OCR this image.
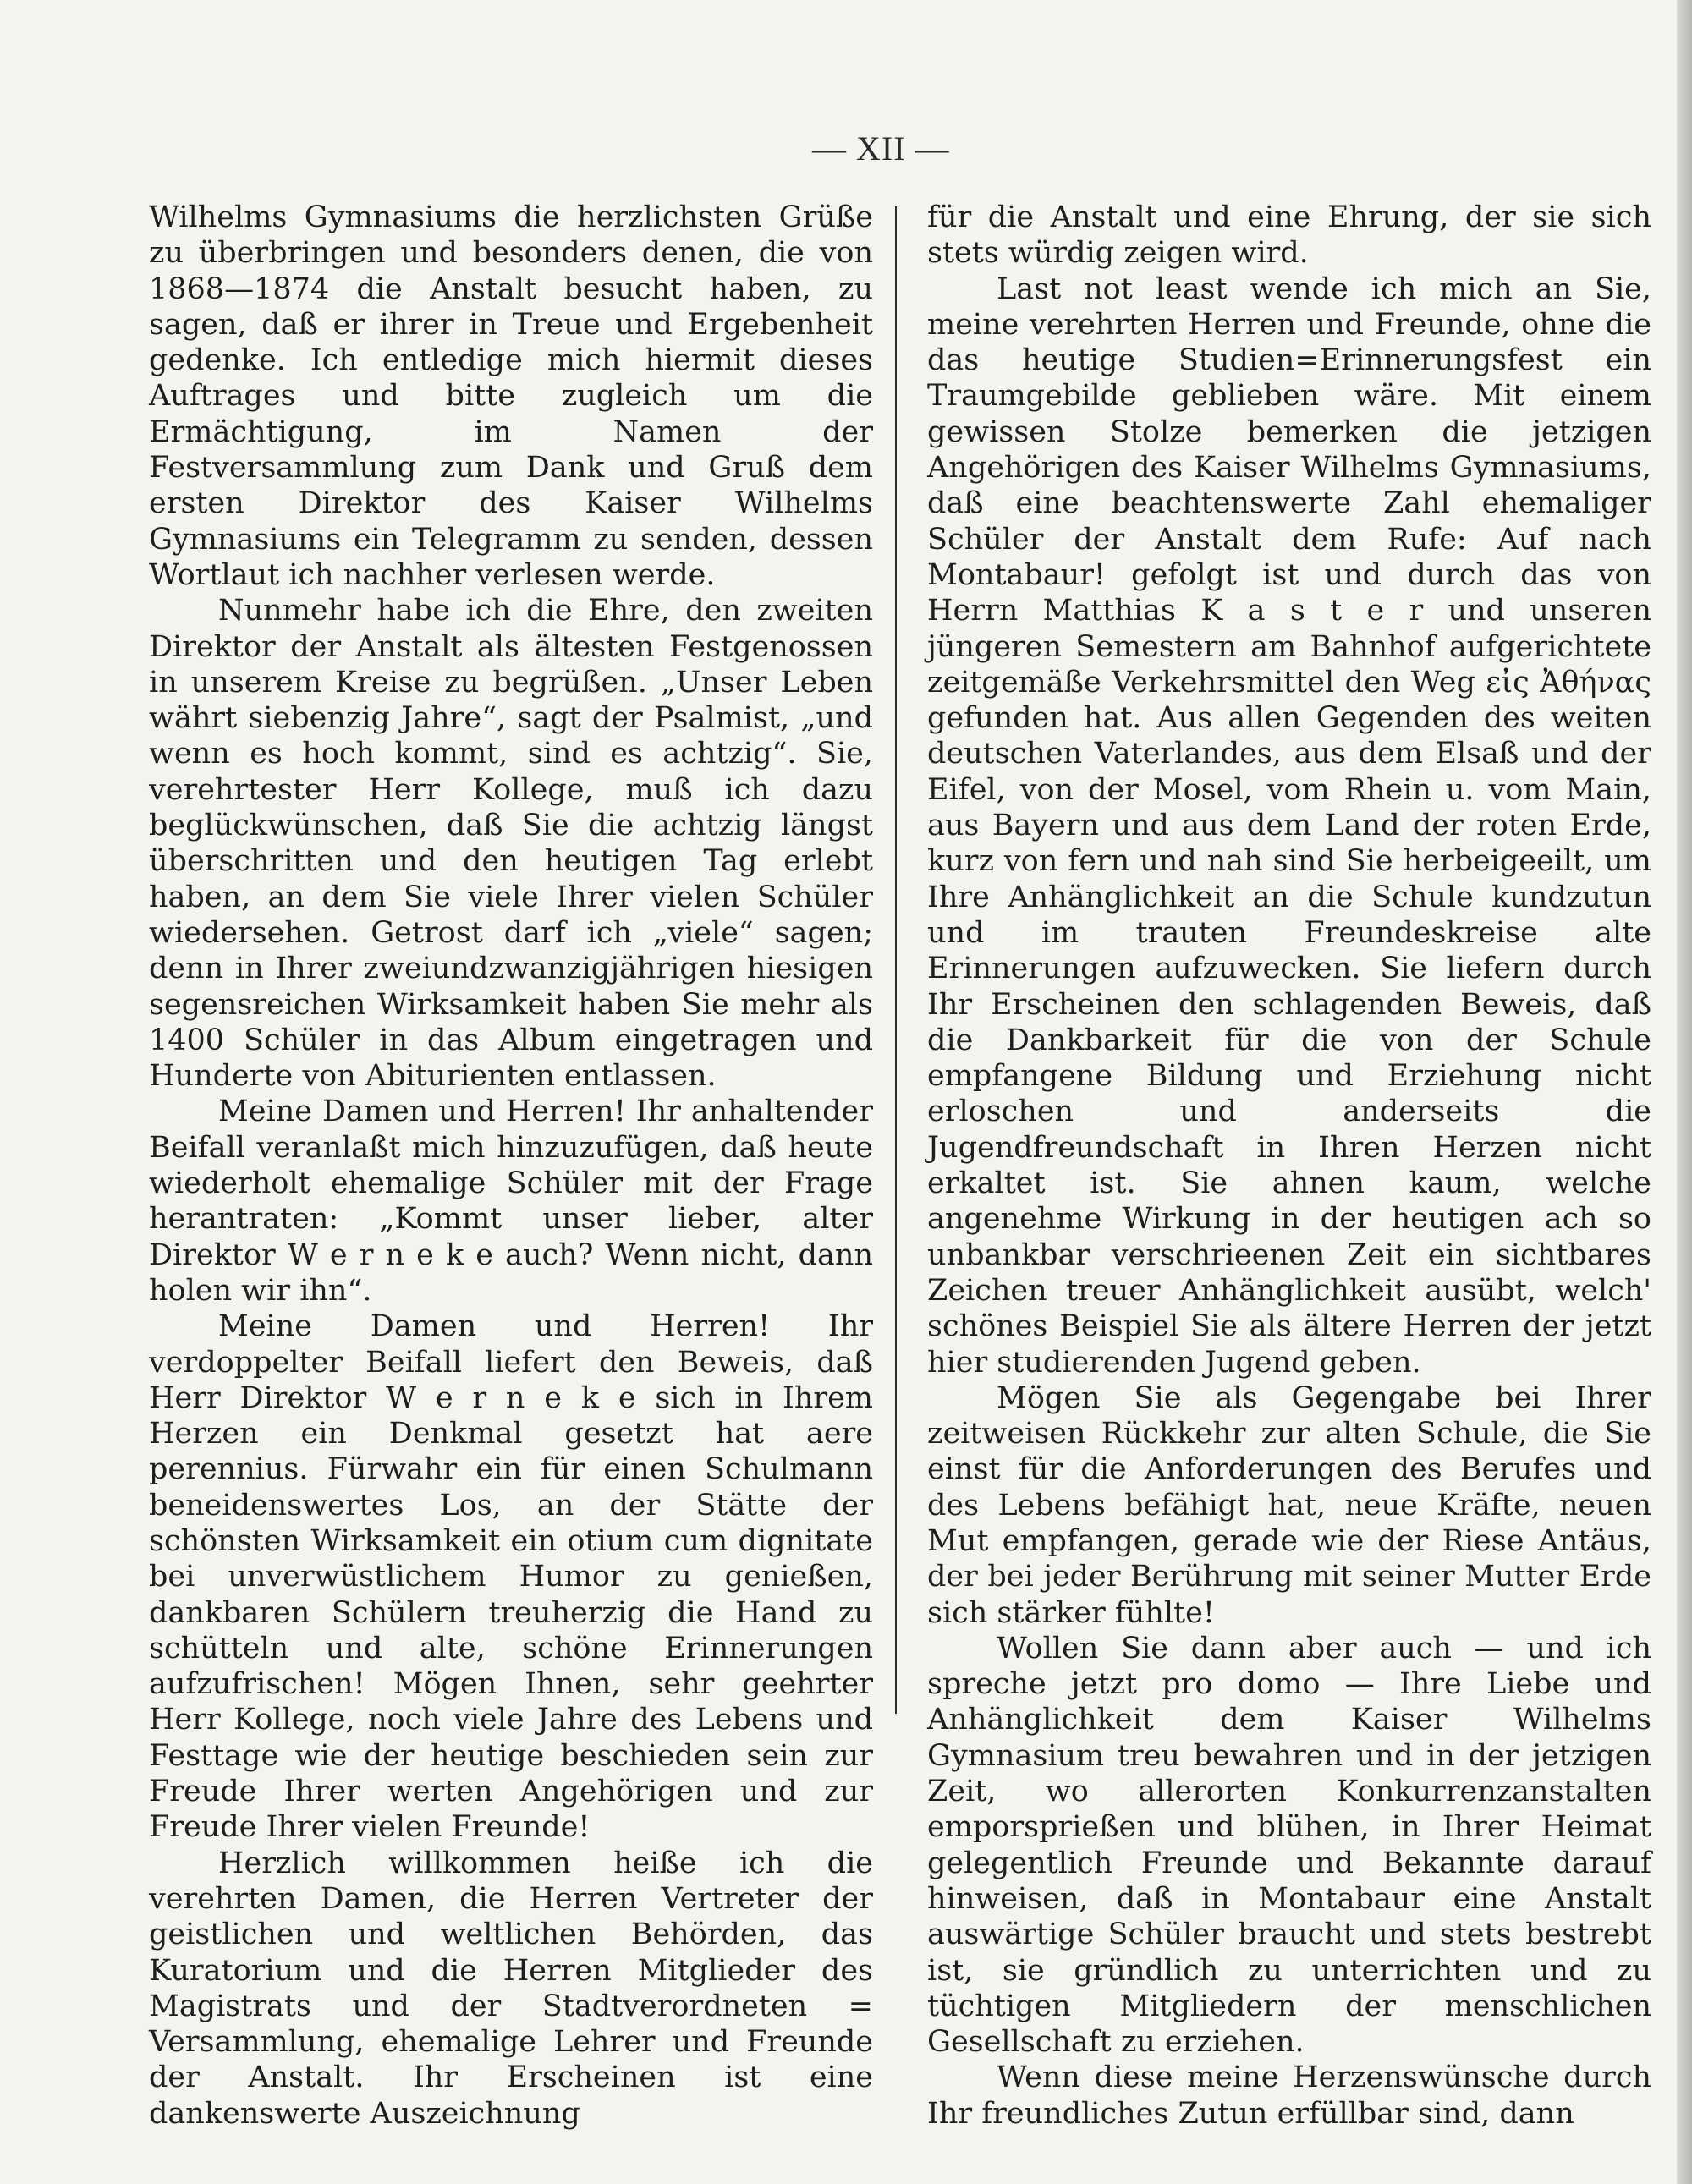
— XII —

Wilhelms Gymnasiums die herzlichsten Grüße zu überbringen und besonders denen, die von 1868—1874 die Anstalt besucht haben, zu sagen, daß er ihrer in Treue und Ergebenheit gedenke. Ich entledige mich hiermit dieses Auftrages und bitte zugleich um die Ermächtigung, im Namen der Festversammlung zum Dank und Gruß dem ersten Direktor des Kaiser Wilhelms Gymnasiums ein Telegramm zu senden, dessen Wortlaut ich nachher verlesen werde.

Nunmehr habe ich die Ehre, den zweiten Direktor der Anstalt als ältesten Festgenossen in unserem Kreise zu begrüßen. „Unser Leben währt siebenzig Jahre“, sagt der Psalmist, „und wenn es hoch kommt, sind es achtzig“. Sie, verehrtester Herr Kollege, muß ich dazu beglückwünschen, daß Sie die achtzig längst überschritten und den heutigen Tag erlebt haben, an dem Sie viele Ihrer vielen Schüler wiedersehen. Getrost darf ich „viele“ sagen; denn in Ihrer zweiundzwanzigjährigen hiesigen segensreichen Wirksamkeit haben Sie mehr als 1400 Schüler in das Album eingetragen und Hunderte von Abiturienten entlassen.

Meine Damen und Herren! Ihr anhaltender Beifall veranlaßt mich hinzuzufügen, daß heute wiederholt ehemalige Schüler mit der Frage herantraten: „Kommt unser lieber, alter Direktor W e r n e k e auch? Wenn nicht, dann holen wir ihn“.

Meine Damen und Herren! Ihr verdoppelter Beifall liefert den Beweis, daß Herr Direktor W e r n e k e sich in Ihrem Herzen ein Denkmal gesetzt hat aere perennius. Fürwahr ein für einen Schulmann beneidenswertes Los, an der Stätte der schönsten Wirksamkeit ein otium cum dignitate bei unverwüstlichem Humor zu genießen, dankbaren Schülern treuherzig die Hand zu schütteln und alte, schöne Erinnerungen aufzufrischen! Mögen Ihnen, sehr geehrter Herr Kollege, noch viele Jahre des Lebens und Festtage wie der heutige beschieden sein zur Freude Ihrer werten Angehörigen und zur Freude Ihrer vielen Freunde!

Herzlich willkommen heiße ich die verehrten Damen, die Herren Vertreter der geistlichen und weltlichen Behörden, das Kuratorium und die Herren Mitglieder des Magistrats und der Stadtverordneten = Versammlung, ehemalige Lehrer und Freunde der Anstalt. Ihr Erscheinen ist eine dankenswerte Auszeichnung

für die Anstalt und eine Ehrung, der sie sich stets würdig zeigen wird.

Last not least wende ich mich an Sie, meine verehrten Herren und Freunde, ohne die das heutige Studien=Erinnerungsfest ein Traumgebilde geblieben wäre. Mit einem gewissen Stolze bemerken die jetzigen Angehörigen des Kaiser Wilhelms Gymnasiums, daß eine beachtenswerte Zahl ehemaliger Schüler der Anstalt dem Rufe: Auf nach Montabaur! gefolgt ist und durch das von Herrn Matthias K a s t e r und unseren jüngeren Semestern am Bahnhof aufgerichtete zeitgemäße Verkehrsmittel den Weg εἰς Ἀθήνας gefunden hat. Aus allen Gegenden des weiten deutschen Vaterlandes, aus dem Elsaß und der Eifel, von der Mosel, vom Rhein u. vom Main, aus Bayern und aus dem Land der roten Erde, kurz von fern und nah sind Sie herbeigeeilt, um Ihre Anhänglichkeit an die Schule kundzutun und im trauten Freundeskreise alte Erinnerungen aufzuwecken. Sie liefern durch Ihr Erscheinen den schlagenden Beweis, daß die Dankbarkeit für die von der Schule empfangene Bildung und Erziehung nicht erloschen und anderseits die Jugendfreundschaft in Ihren Herzen nicht erkaltet ist. Sie ahnen kaum, welche angenehme Wirkung in der heutigen ach so unbankbar verschrieenen Zeit ein sichtbares Zeichen treuer Anhänglichkeit ausübt, welch' schönes Beispiel Sie als ältere Herren der jetzt hier studierenden Jugend geben.

Mögen Sie als Gegengabe bei Ihrer zeitweisen Rückkehr zur alten Schule, die Sie einst für die Anforderungen des Berufes und des Lebens befähigt hat, neue Kräfte, neuen Mut empfangen, gerade wie der Riese Antäus, der bei jeder Berührung mit seiner Mutter Erde sich stärker fühlte!

Wollen Sie dann aber auch — und ich spreche jetzt pro domo — Ihre Liebe und Anhänglichkeit dem Kaiser Wilhelms Gymnasium treu bewahren und in der jetzigen Zeit, wo allerorten Konkurrenzanstalten emporsprießen und blühen, in Ihrer Heimat gelegentlich Freunde und Bekannte darauf hinweisen, daß in Montabaur eine Anstalt auswärtige Schüler braucht und stets bestrebt ist, sie gründlich zu unterrichten und zu tüchtigen Mitgliedern der menschlichen Gesellschaft zu erziehen.

Wenn diese meine Herzenswünsche durch Ihr freundliches Zutun erfüllbar sind, dann
